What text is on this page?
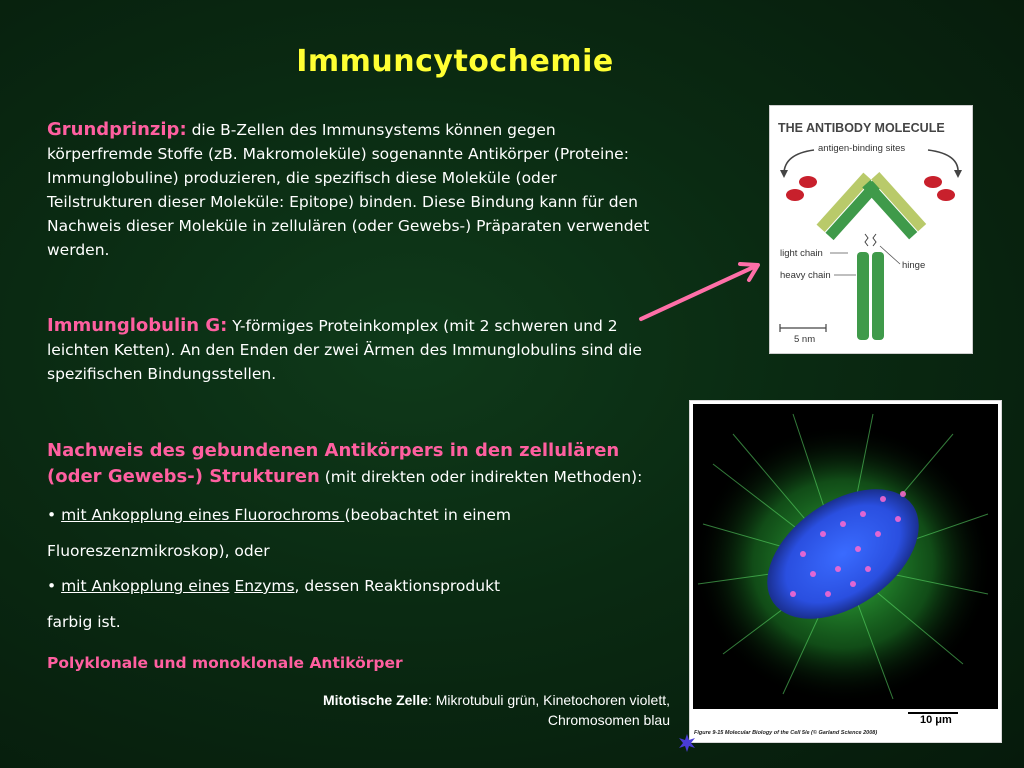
Immuncytochemie
Grundprinzip: die B-Zellen des Immunsystems können gegen körperfremde Stoffe (zB. Makromoleküle) sogenannte Antikörper (Proteine: Immunglobuline) produzieren, die spezifisch diese Moleküle (oder Teilstrukturen dieser Moleküle: Epitope) binden. Diese Bindung kann für den Nachweis dieser Moleküle in zellulären (oder Gewebs-) Präparaten verwendet werden.
Immunglobulin G: Y-förmiges Proteinkomplex (mit 2 schweren und 2 leichten Ketten). An den Enden der zwei Ärmen des Immunglobulins sind die spezifischen Bindungsstellen.
Nachweis des gebundenen Antikörpers in den zellulären (oder Gewebs-) Strukturen (mit direkten oder indirekten Methoden):
• mit Ankopplung eines Fluorochroms (beobachtet in einem
Fluoreszenzmikroskop), oder
• mit Ankopplung eines Enzyms, dessen Reaktionsprodukt
farbig ist.
Polyklonale und monoklonale Antikörper
THE ANTIBODY MOLECULE
antigen-binding sites
light chain
heavy chain
hinge
5 nm
10 μm
Figure 9-15 Molecular Biology of the Cell 5/e (© Garland Science 2008)
Mitotische Zelle: Mikrotubuli grün, Kinetochoren violett,
Chromosomen blau
